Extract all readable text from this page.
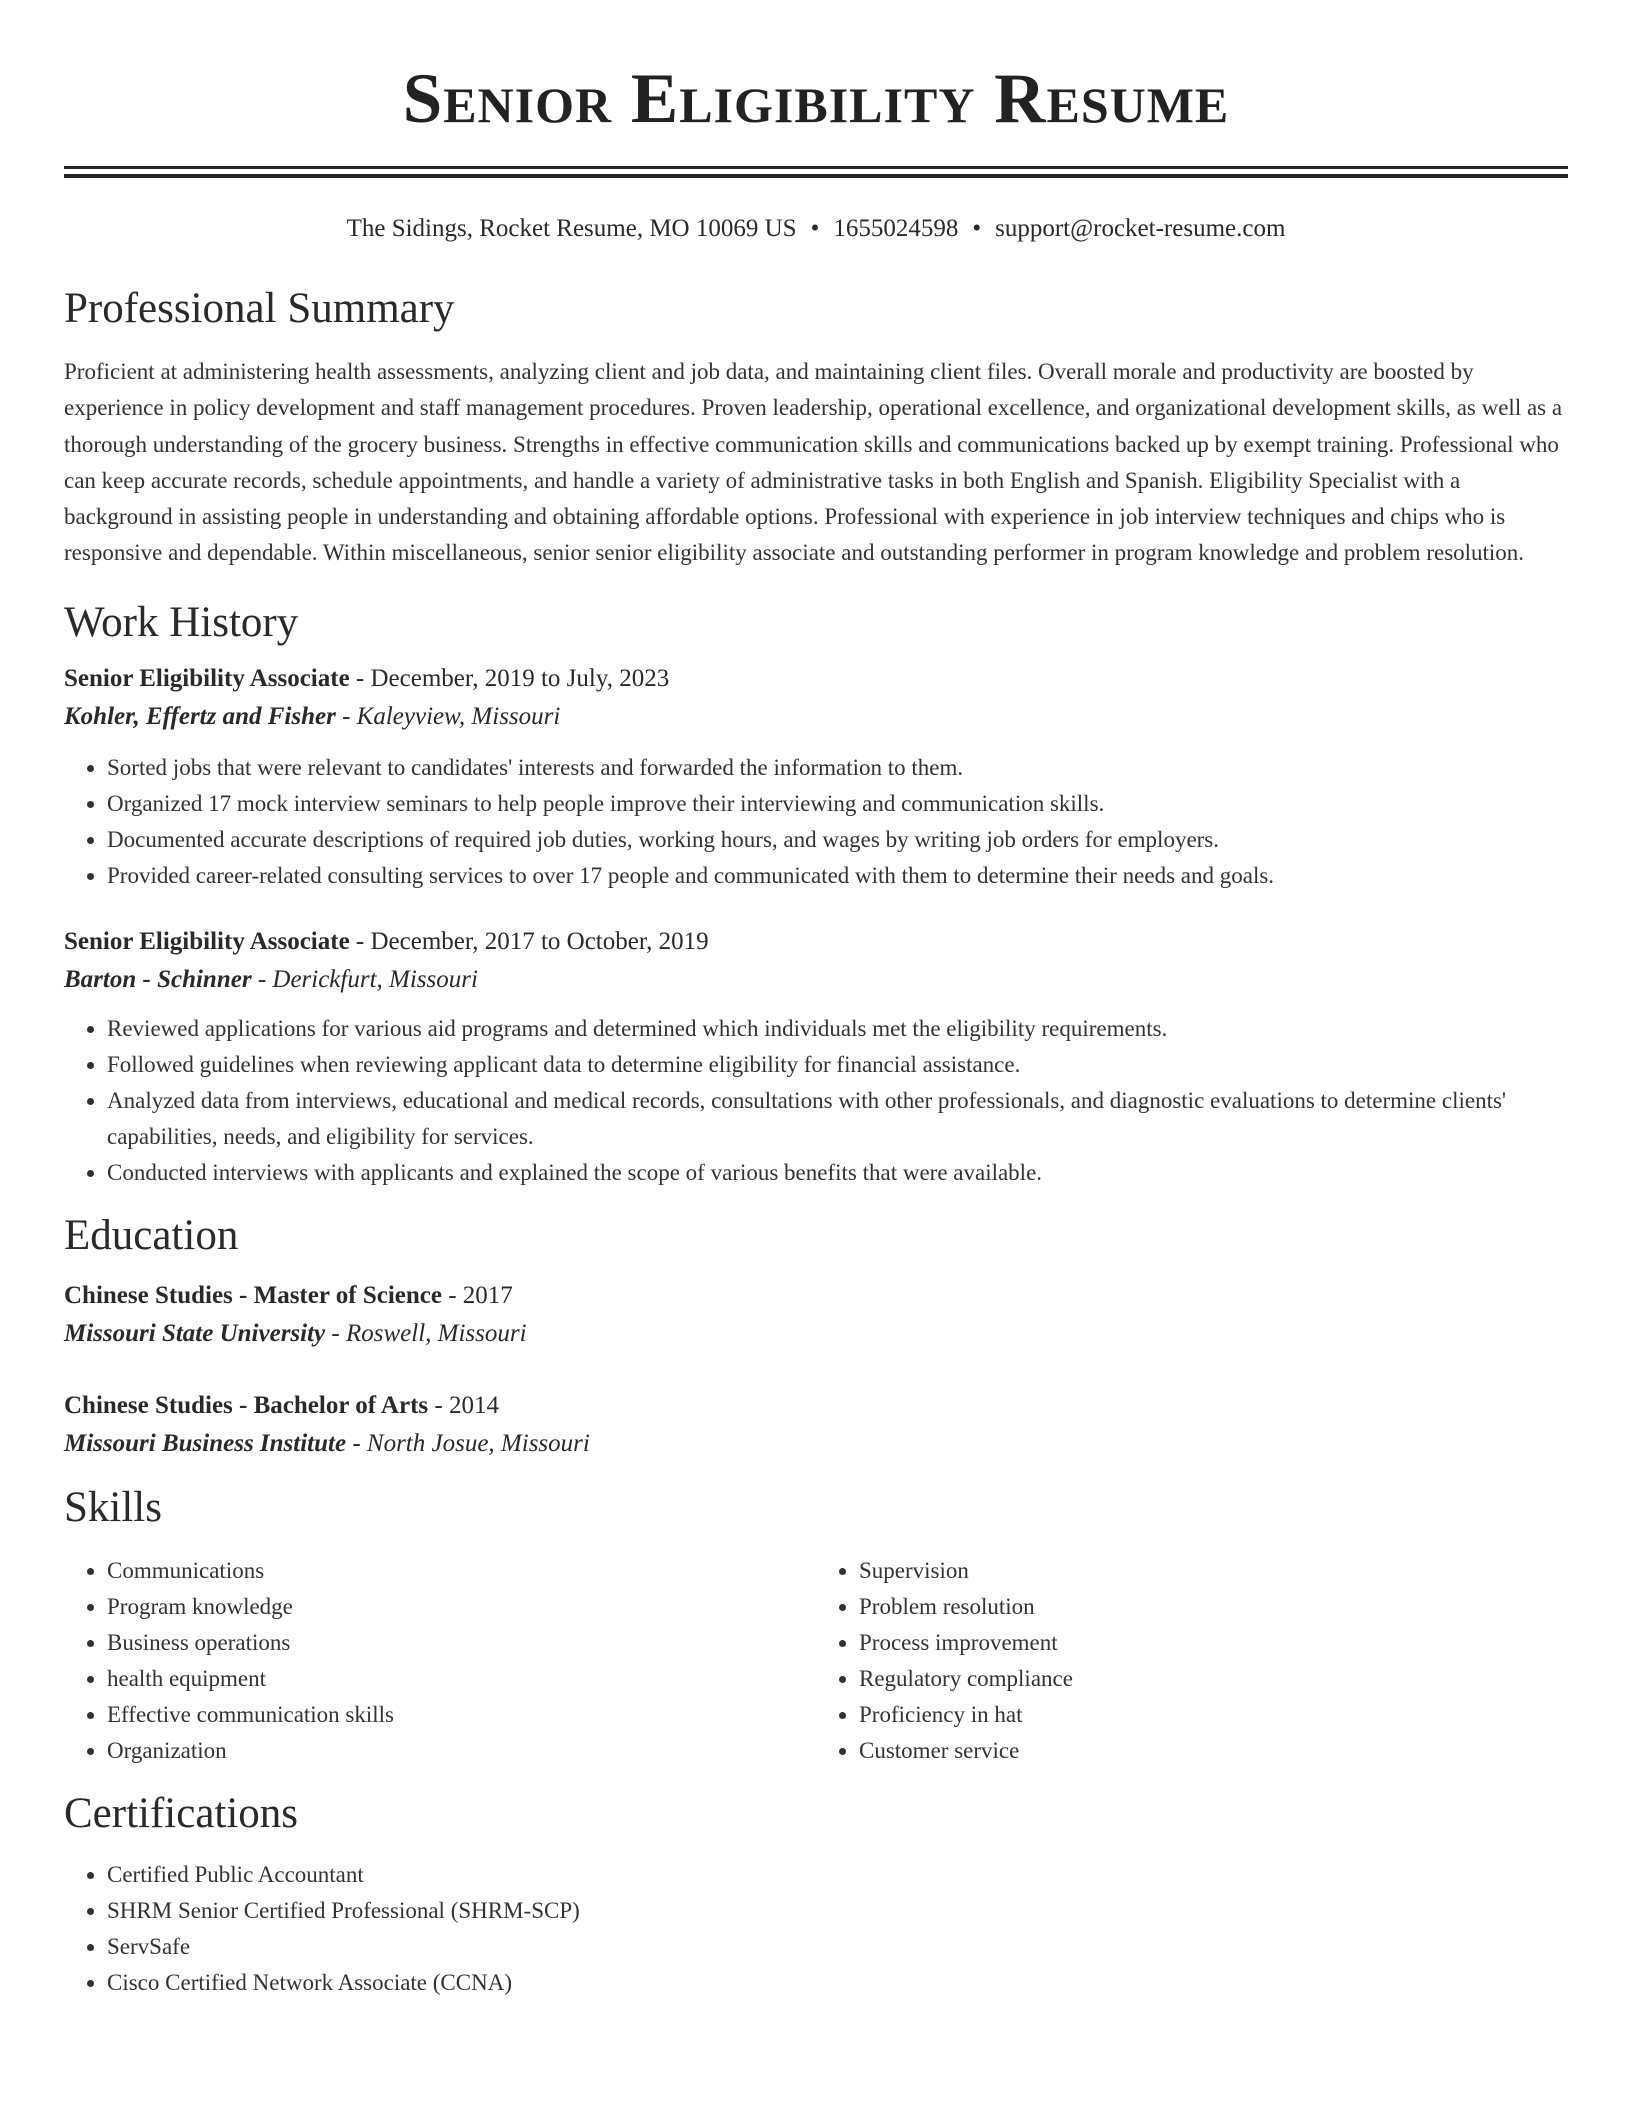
Senior Eligibility Resume
The Sidings, Rocket Resume, MO 10069 US • 1655024598 • support@rocket-resume.com
Professional Summary

Proficient at administering health assessments, analyzing client and job data, and maintaining client files. Overall morale and productivity are boosted by experience in policy development and staff management procedures. Proven leadership, operational excellence, and organizational development skills, as well as a thorough understanding of the grocery business. Strengths in effective communication skills and communications backed up by exempt training. Professional who can keep accurate records, schedule appointments, and handle a variety of administrative tasks in both English and Spanish. Eligibility Specialist with a background in assisting people in understanding and obtaining affordable options. Professional with experience in job interview techniques and chips who is responsive and dependable. Within miscellaneous, senior senior eligibility associate and outstanding performer in program knowledge and problem resolution.

Work History
Senior Eligibility Associate - December, 2019 to July, 2023
Kohler, Effertz and Fisher - Kaleyview, Missouri
• Sorted jobs that were relevant to candidates' interests and forwarded the information to them.
• Organized 17 mock interview seminars to help people improve their interviewing and communication skills.
• Documented accurate descriptions of required job duties, working hours, and wages by writing job orders for employers.
• Provided career-related consulting services to over 17 people and communicated with them to determine their needs and goals.
Senior Eligibility Associate - December, 2017 to October, 2019
Barton - Schinner - Derickfurt, Missouri
• Reviewed applications for various aid programs and determined which individuals met the eligibility requirements.
• Followed guidelines when reviewing applicant data to determine eligibility for financial assistance.
• Analyzed data from interviews, educational and medical records, consultations with other professionals, and diagnostic evaluations to determine clients' capabilities, needs, and eligibility for services.
• Conducted interviews with applicants and explained the scope of various benefits that were available.
Education
Chinese Studies - Master of Science - 2017
Missouri State University - Roswell, Missouri
Chinese Studies - Bachelor of Arts - 2014
Missouri Business Institute - North Josue, Missouri
Skills
• Communications
• Program knowledge
• Business operations
• health equipment
• Effective communication skills
• Organization
• Supervision
• Problem resolution
• Process improvement
• Regulatory compliance
• Proficiency in hat
• Customer service
Certifications
• Certified Public Accountant
• SHRM Senior Certified Professional (SHRM-SCP)
• ServSafe
• Cisco Certified Network Associate (CCNA)
